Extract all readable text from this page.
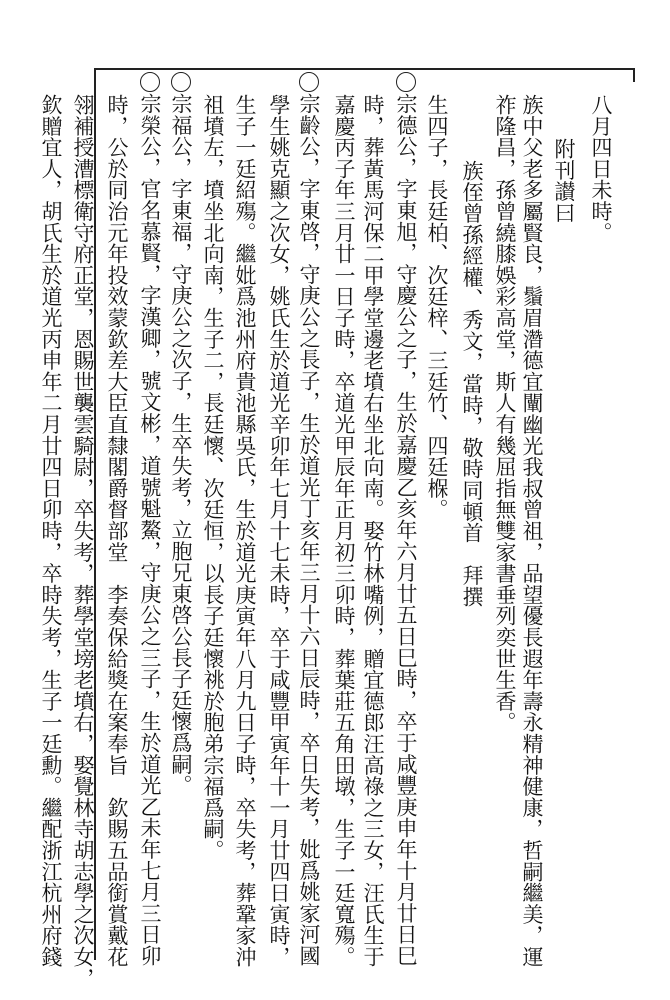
八月四日未時。
附刊讃曰
族中父老多屬賢良，鬚眉濳德宜闡幽光我叔曾祖，品望優長遐年壽永精神健康，哲嗣繼美，運
祚隆昌，孫曾繞膝娛彩高堂，斯人有幾屈指無雙家書垂列奕世生香。
族侄曾孫經權、秀文，當時，敬時同頓首　拜撰
生四子，長廷柏、次廷梓、三廷竹、四廷椺。
宗德公，字東旭，守慶公之子，生於嘉慶乙亥年六月廿五日巳時，卒于咸豐庚申年十月廿日巳
時，葬黃馬河保二甲學堂邊老墳右坐北向南。娶竹林嘴例，贈宜德郎汪高祿之三女，汪氏生于
嘉慶丙子年三月廿一日子時，卒道光甲辰年正月初三卯時，葬葉莊五角田墩，生子一廷寬殤。
宗齡公，字東啓，守庚公之長子，生於道光丁亥年三月十六日辰時，卒日失考，妣爲姚家河國
學生姚克顯之次女，姚氏生於道光辛卯年七月十七未時，卒于咸豐甲寅年十一月廿四日寅時，
生子一廷紹殤。繼妣爲池州府貴池縣吳氏，生於道光庚寅年八月九日子時，卒失考，葬鞏家沖
祖墳左，墳坐北向南，生子二，長廷懷、次廷恒，以長子廷懷祧於胞弟宗福爲嗣。
宗福公，字東福，守庚公之次子，生卒失考，立胞兄東啓公長子廷懷爲嗣。
宗榮公，官名慕賢，字漢卿，號文彬，道號魁鰲，守庚公之三子，生於道光乙未年七月三日卯
時，公於同治元年投效蒙欽差大臣直隸閣爵督部堂　李奏保給獎在案奉旨　欽賜五品銜賞戴花
翎補授漕標衛守府正堂，恩賜世襲雲騎尉，卒失考，葬學堂塝老墳右，娶覺林寺胡志學之次女，
欽贈宜人，胡氏生於道光丙申年二月廿四日卯時，卒時失考，生子一廷勳。繼配浙江杭州府錢
